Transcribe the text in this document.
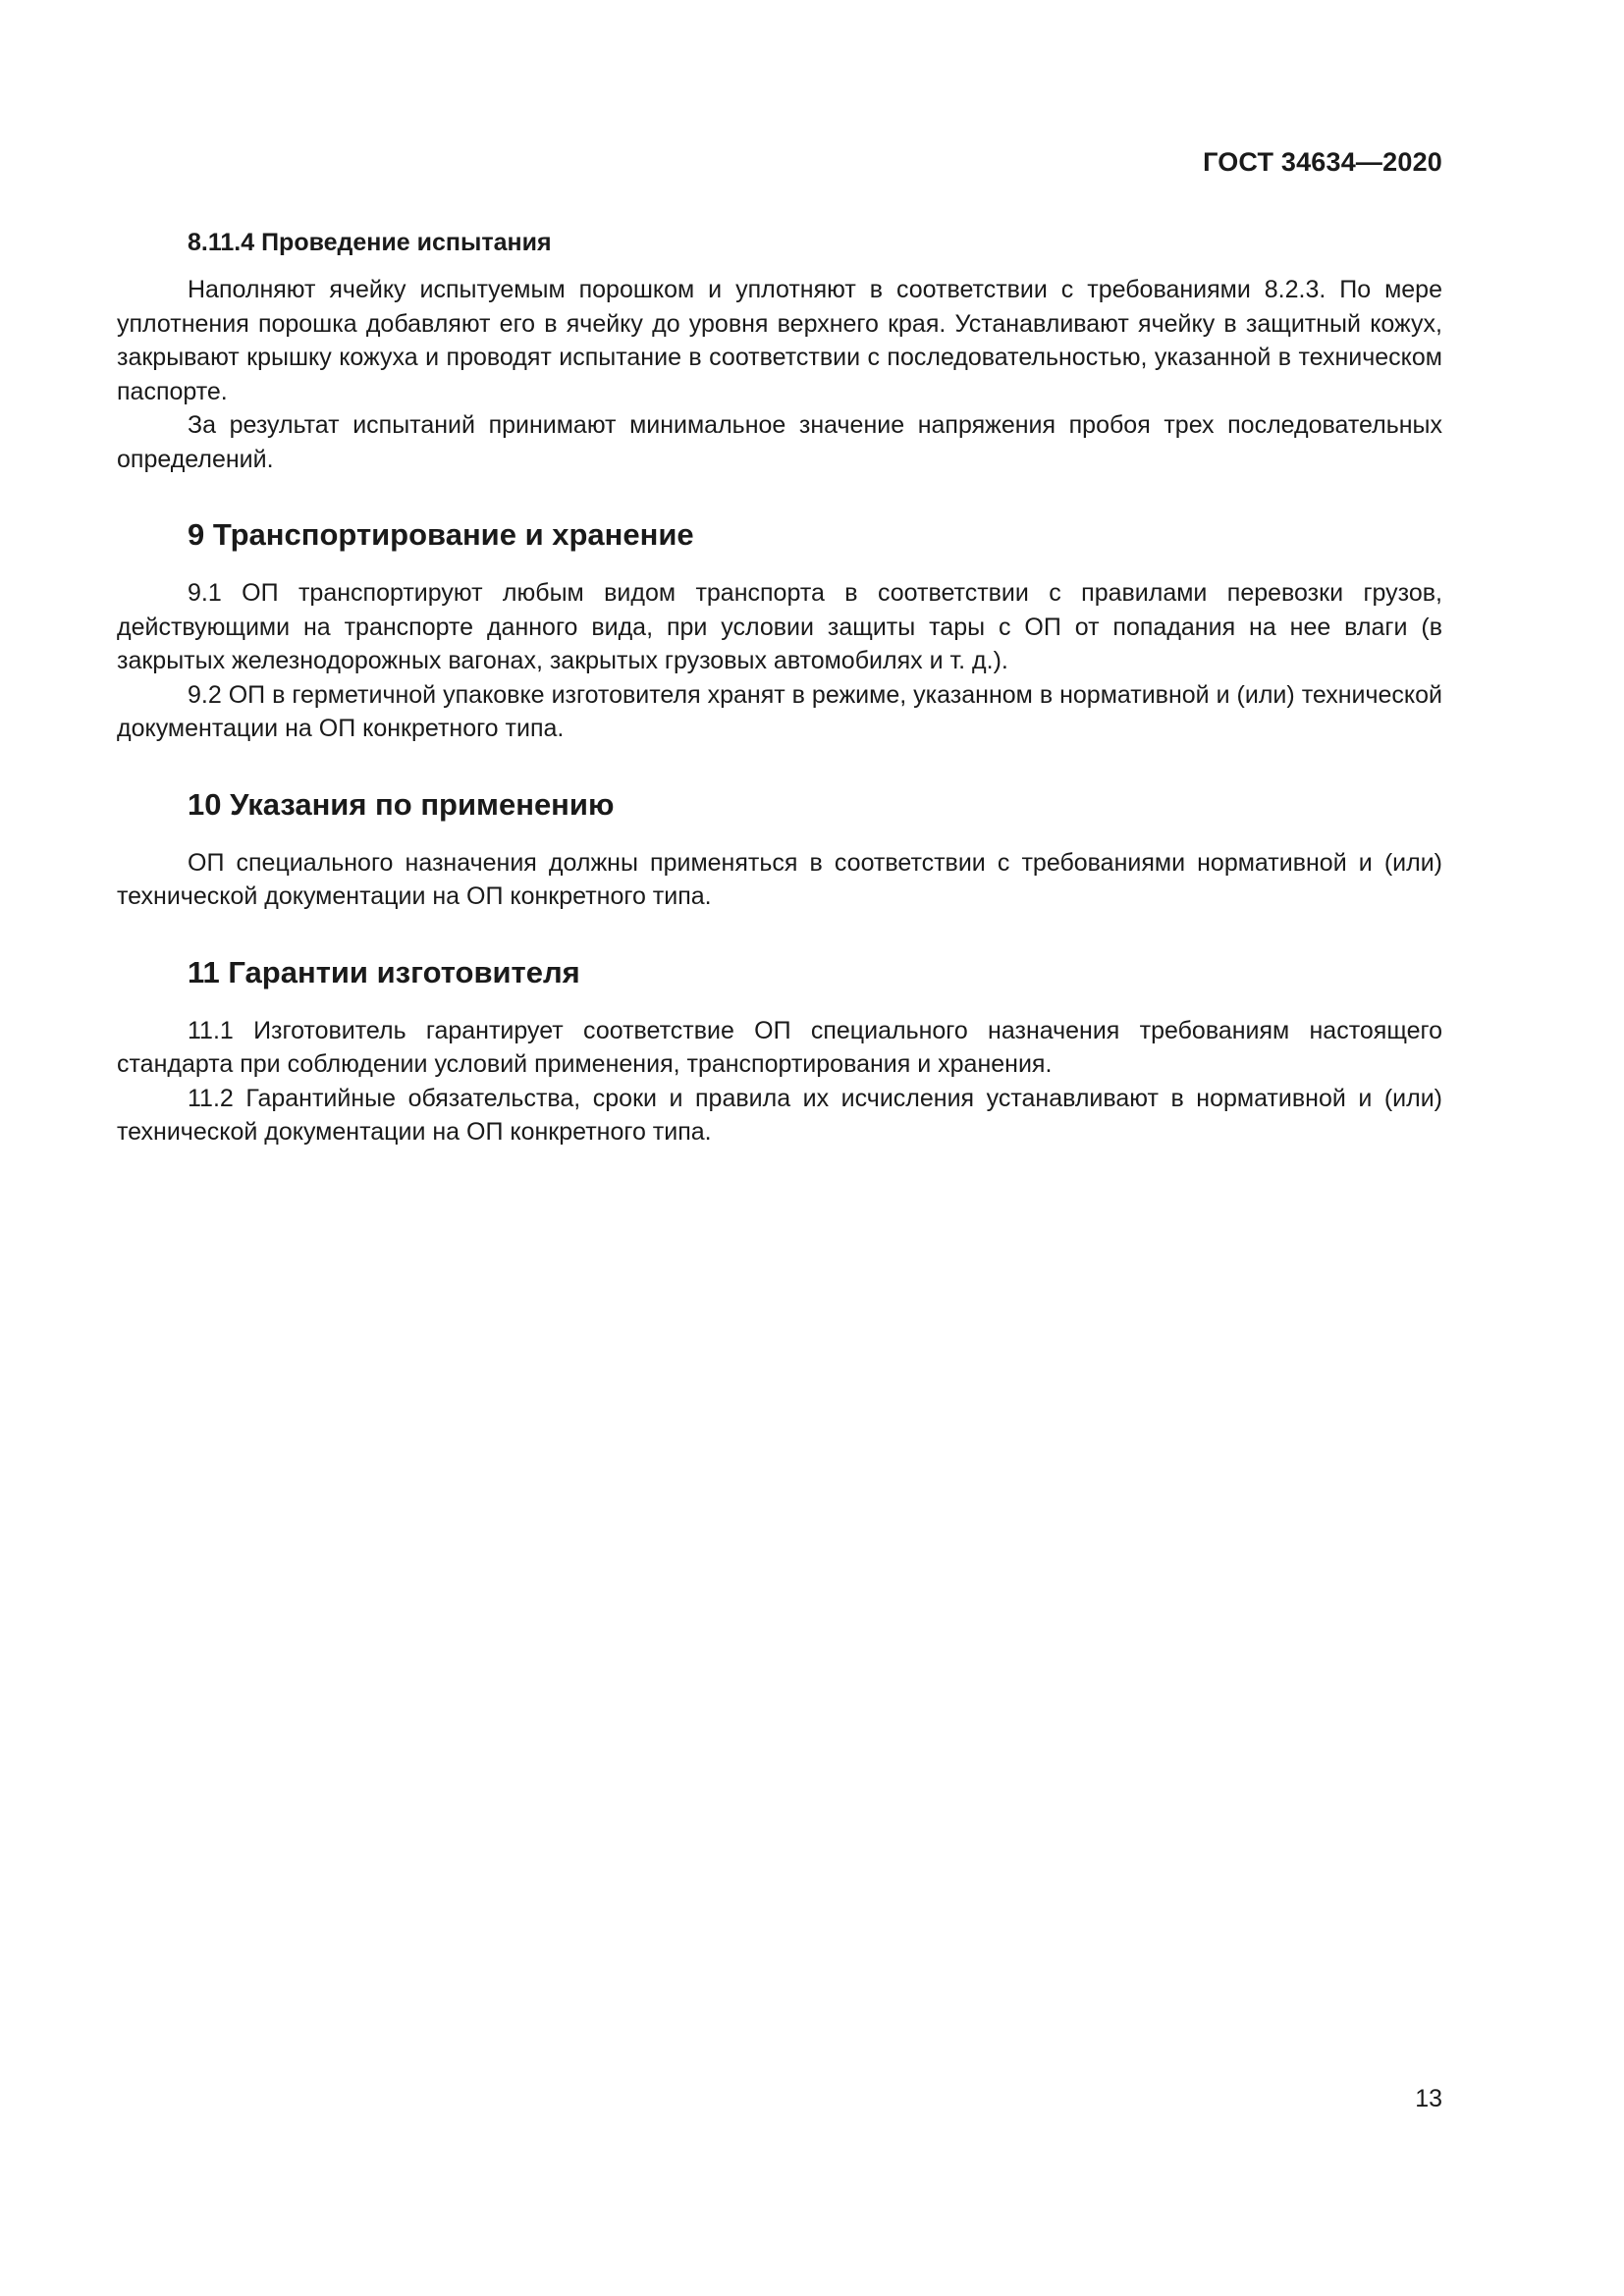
ГОСТ 34634—2020
8.11.4 Проведение испытания

Наполняют ячейку испытуемым порошком и уплотняют в соответствии с требованиями 8.2.3. По мере уплотнения порошка добавляют его в ячейку до уровня верхнего края. Устанавливают ячейку в защитный кожух, закрывают крышку кожуха и проводят испытание в соответствии с последовательностью, указанной в техническом паспорте.

За результат испытаний принимают минимальное значение напряжения пробоя трех последовательных определений.

9 Транспортирование и хранение

9.1 ОП транспортируют любым видом транспорта в соответствии с правилами перевозки грузов, действующими на транспорте данного вида, при условии защиты тары с ОП от попадания на нее влаги (в закрытых железнодорожных вагонах, закрытых грузовых автомобилях и т. д.).

9.2 ОП в герметичной упаковке изготовителя хранят в режиме, указанном в нормативной и (или) технической документации на ОП конкретного типа.

10 Указания по применению

ОП специального назначения должны применяться в соответствии с требованиями нормативной и (или) технической документации на ОП конкретного типа.

11 Гарантии изготовителя

11.1 Изготовитель гарантирует соответствие ОП специального назначения требованиям настоящего стандарта при соблюдении условий применения, транспортирования и хранения.

11.2 Гарантийные обязательства, сроки и правила их исчисления устанавливают в нормативной и (или) технической документации на ОП конкретного типа.

13
